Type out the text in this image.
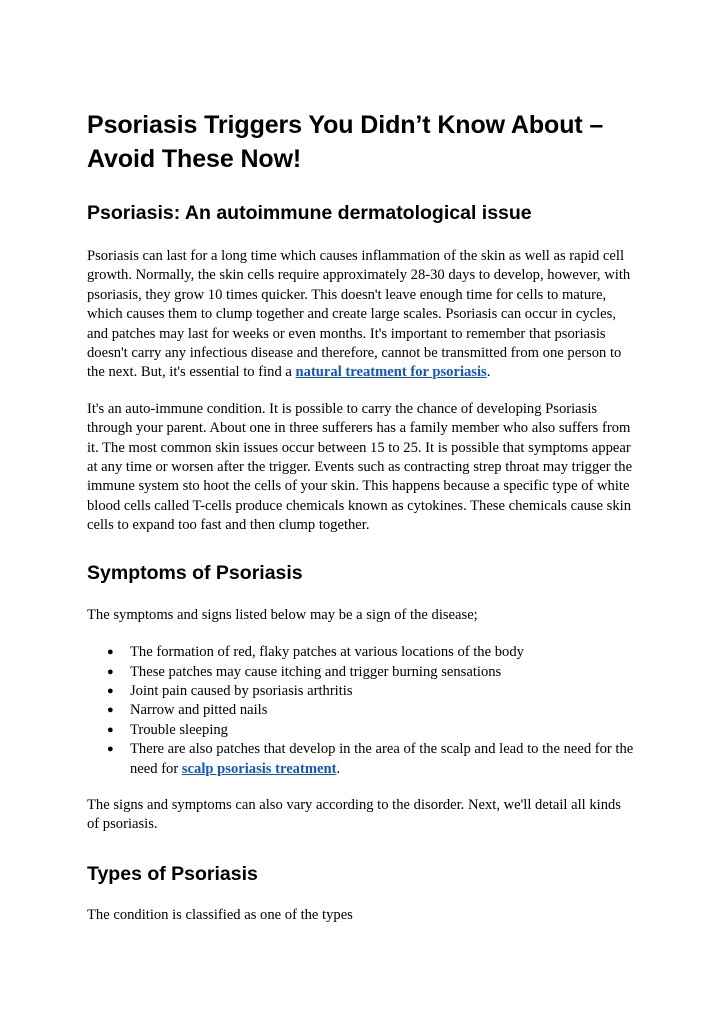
Psoriasis Triggers You Didn’t Know About – Avoid These Now!
Psoriasis: An autoimmune dermatological issue

Psoriasis can last for a long time which causes inflammation of the skin as well as rapid cell growth. Normally, the skin cells require approximately 28-30 days to develop, however, with psoriasis, they grow 10 times quicker. This doesn't leave enough time for cells to mature, which causes them to clump together and create large scales. Psoriasis can occur in cycles, and patches may last for weeks or even months. It's important to remember that psoriasis doesn't carry any infectious disease and therefore, cannot be transmitted from one person to the next. But, it's essential to find a natural treatment for psoriasis.

It's an auto-immune condition. It is possible to carry the chance of developing Psoriasis through your parent. About one in three sufferers has a family member who also suffers from it. The most common skin issues occur between 15 to 25. It is possible that symptoms appear at any time or worsen after the trigger. Events such as contracting strep throat may trigger the immune system sto hoot the cells of your skin. This happens because a specific type of white blood cells called T-cells produce chemicals known as cytokines. These chemicals cause skin cells to expand too fast and then clump together.

Symptoms of Psoriasis

The symptoms and signs listed below may be a sign of the disease;

● The formation of red, flaky patches at various locations of the body
● These patches may cause itching and trigger burning sensations
● Joint pain caused by psoriasis arthritis
● Narrow and pitted nails
● Trouble sleeping
● There are also patches that develop in the area of the scalp and lead to the need for the need for scalp psoriasis treatment.

The signs and symptoms can also vary according to the disorder. Next, we'll detail all kinds of psoriasis.

Types of Psoriasis

The condition is classified as one of the types
